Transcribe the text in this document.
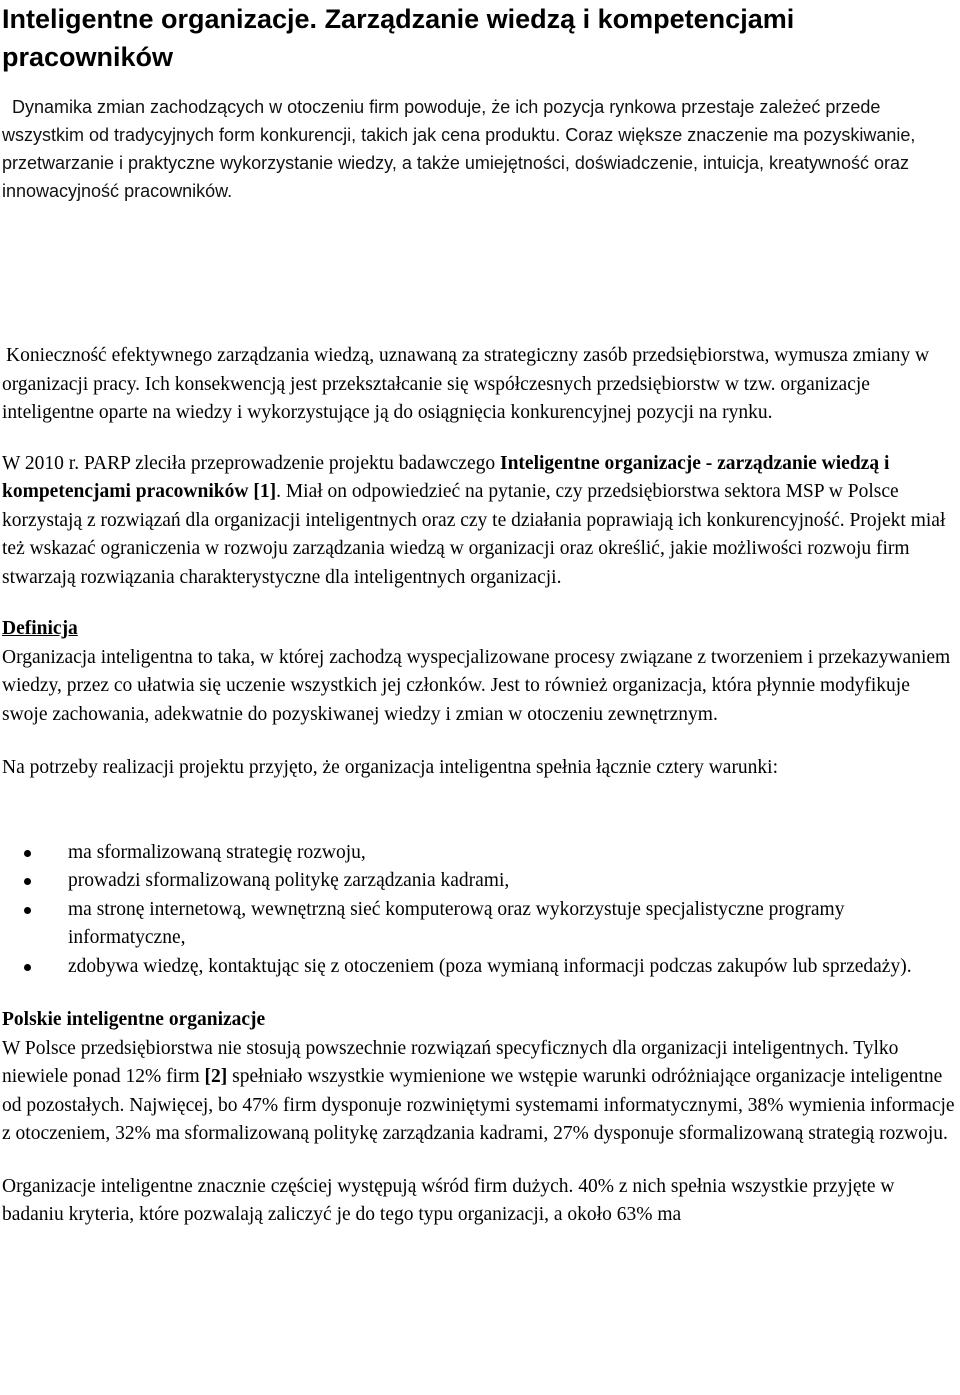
Inteligentne organizacje. Zarządzanie wiedzą i kompetencjami pracowników

Dynamika zmian zachodzących w otoczeniu firm powoduje, że ich pozycja rynkowa przestaje zależeć przede wszystkim od tradycyjnych form konkurencji, takich jak cena produktu. Coraz większe znaczenie ma pozyskiwanie, przetwarzanie i praktyczne wykorzystanie wiedzy, a także umiejętności, doświadczenie, intuicja, kreatywność oraz innowacyjność pracowników.

Konieczność efektywnego zarządzania wiedzą, uznawaną za strategiczny zasób przedsiębiorstwa, wymusza zmiany w organizacji pracy. Ich konsekwencją jest przekształcanie się współczesnych przedsiębiorstw w tzw. organizacje inteligentne oparte na wiedzy i wykorzystujące ją do osiągnięcia konkurencyjnej pozycji na rynku.

W 2010 r. PARP zleciła przeprowadzenie projektu badawczego Inteligentne organizacje - zarządzanie wiedzą i kompetencjami pracowników [1]. Miał on odpowiedzieć na pytanie, czy przedsiębiorstwa sektora MSP w Polsce korzystają z rozwiązań dla organizacji inteligentnych oraz czy te działania poprawiają ich konkurencyjność. Projekt miał też wskazać ograniczenia w rozwoju zarządzania wiedzą w organizacji oraz określić, jakie możliwości rozwoju firm stwarzają rozwiązania charakterystyczne dla inteligentnych organizacji.

Definicja

Organizacja inteligentna to taka, w której zachodzą wyspecjalizowane procesy związane z tworzeniem i przekazywaniem wiedzy, przez co ułatwia się uczenie wszystkich jej członków. Jest to również organizacja, która płynnie modyfikuje swoje zachowania, adekwatnie do pozyskiwanej wiedzy i zmian w otoczeniu zewnętrznym.

Na potrzeby realizacji projektu przyjęto, że organizacja inteligentna spełnia łącznie cztery warunki:

ma sformalizowaną strategię rozwoju,
prowadzi sformalizowaną politykę zarządzania kadrami,
ma stronę internetową, wewnętrzną sieć komputerową oraz wykorzystuje specjalistyczne programy informatyczne,
zdobywa wiedzę, kontaktując się z otoczeniem (poza wymianą informacji podczas zakupów lub sprzedaży).

Polskie inteligentne organizacje

W Polsce przedsiębiorstwa nie stosują powszechnie rozwiązań specyficznych dla organizacji inteligentnych. Tylko niewiele ponad 12% firm [2] spełniało wszystkie wymienione we wstępie warunki odróżniające organizacje inteligentne od pozostałych. Najwięcej, bo 47% firm dysponuje rozwiniętymi systemami informatycznymi, 38% wymienia informacje z otoczeniem, 32% ma sformalizowaną politykę zarządzania kadrami, 27% dysponuje sformalizowaną strategią rozwoju.

Organizacje inteligentne znacznie częściej występują wśród firm dużych. 40% z nich spełnia wszystkie przyjęte w badaniu kryteria, które pozwalają zaliczyć je do tego typu organizacji, a około 63% ma
